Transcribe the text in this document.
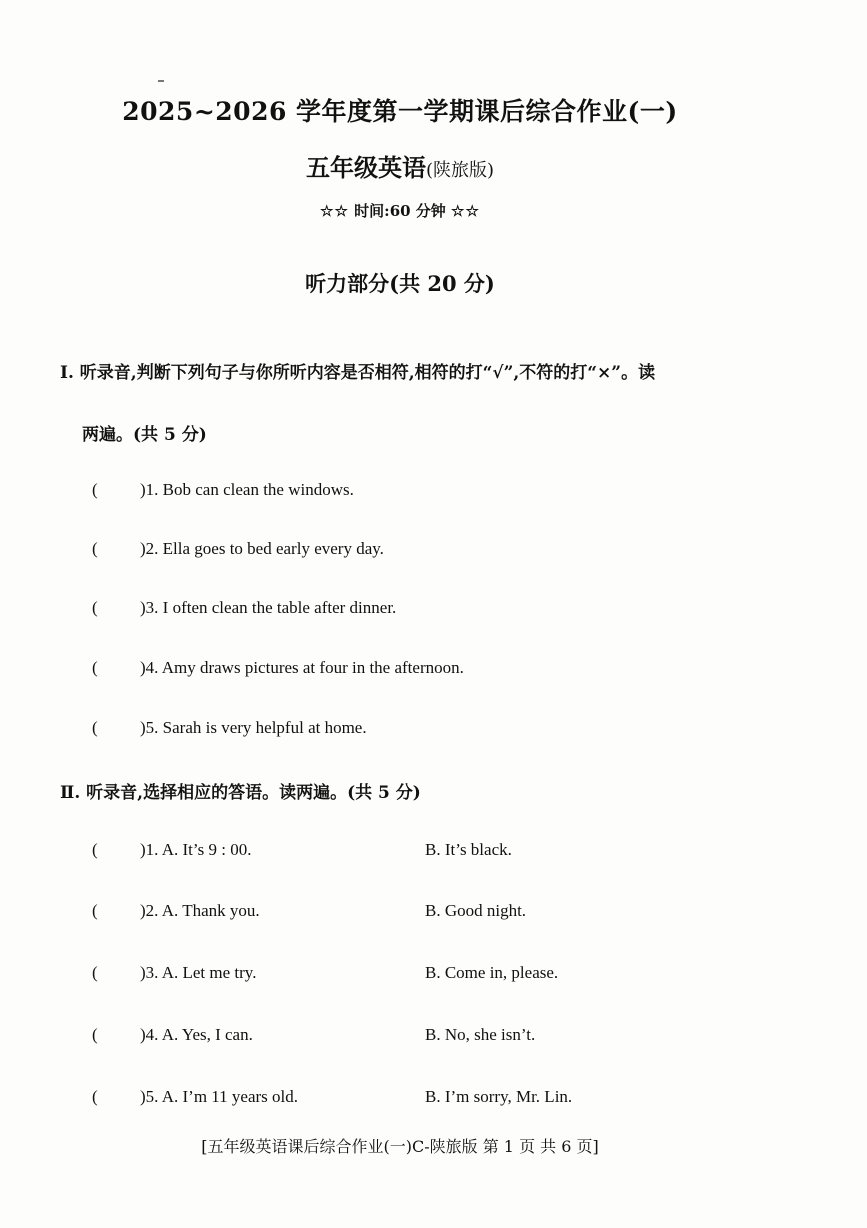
2025~2026 学年度第一学期课后综合作业(一)
五年级英语(陕旅版)
☆☆ 时间:60 分钟 ☆☆
听力部分(共 20 分)
Ⅰ. 听录音,判断下列句子与你所听内容是否相符,相符的打“√”,不符的打“×”。读
两遍。(共 5 分)
( )1. Bob can clean the windows.
( )2. Ella goes to bed early every day.
( )3. I often clean the table after dinner.
( )4. Amy draws pictures at four in the afternoon.
( )5. Sarah is very helpful at home.
Ⅱ. 听录音,选择相应的答语。读两遍。(共 5 分)
( )1. A. It’s 9 : 00.	B. It’s black.
( )2. A. Thank you.	B. Good night.
( )3. A. Let me try.	B. Come in, please.
( )4. A. Yes, I can.	B. No, she isn’t.
( )5. A. I’m 11 years old.	B. I’m sorry, Mr. Lin.
[五年级英语课后综合作业(一)C-陕旅版 第 1 页 共 6 页]
